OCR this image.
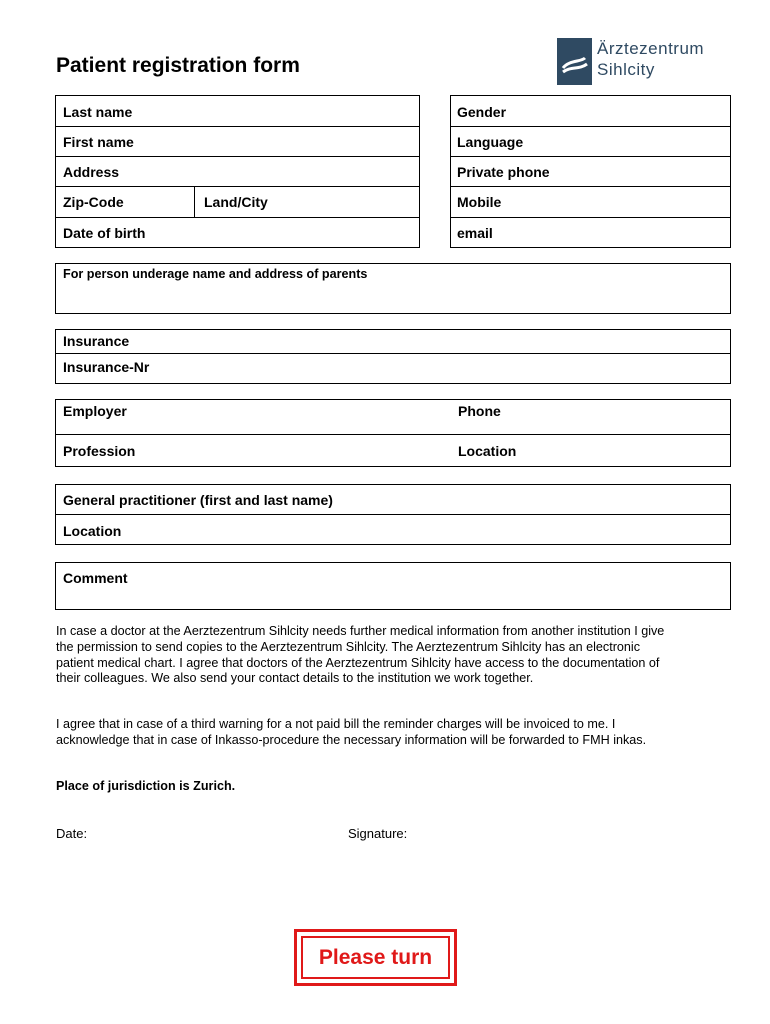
Patient registration form
Ärztezentrum
Sihlcity
Last name
First name
Address
Zip-Code	Land/City
Date of birth
Gender
Language
Private phone
Mobile
email
For person underage name and address of parents
Insurance
Insurance-Nr
Employer	Phone
Profession	Location
General practitioner (first and last name)
Location
Comment
In case a doctor at the Aerztezentrum Sihlcity needs further medical information from another institution I give the permission to send copies to the Aerztezentrum Sihlcity. The Aerztezentrum Sihlcity has an electronic patient medical chart. I agree that doctors of the Aerztezentrum Sihlcity have access to the documentation of their colleagues. We also send your contact details to the institution we work together.
I agree that in case of a third warning for a not paid bill the reminder charges will be invoiced to me. I acknowledge that in case of Inkasso-procedure the necessary information will be forwarded to FMH inkas.
Place of jurisdiction is Zurich.
Date:	Signature:
Please turn
